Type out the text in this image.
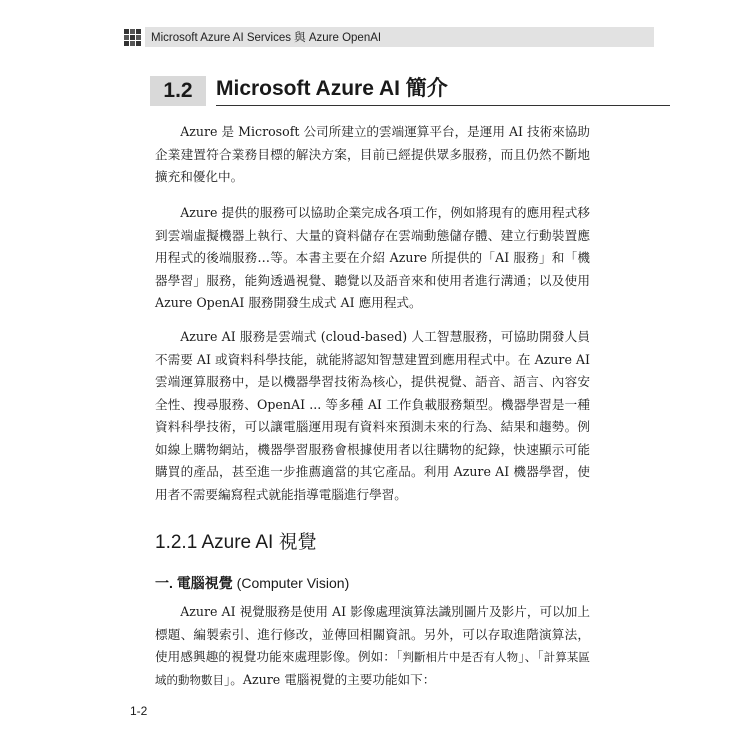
Microsoft Azure AI Services 與 Azure OpenAI
1.2	Microsoft Azure AI 簡介

Azure 是 Microsoft 公司所建立的雲端運算平台，是運用 AI 技術來協助企業建置符合業務目標的解決方案，目前已經提供眾多服務，而且仍然不斷地擴充和優化中。

Azure 提供的服務可以協助企業完成各項工作，例如將現有的應用程式移到雲端虛擬機器上執行、大量的資料儲存在雲端動態儲存體、建立行動裝置應用程式的後端服務…等。本書主要在介紹 Azure 所提供的「AI 服務」和「機器學習」服務，能夠透過視覺、聽覺以及語音來和使用者進行溝通；以及使用 Azure OpenAI 服務開發生成式 AI 應用程式。

Azure AI 服務是雲端式 (cloud-based) 人工智慧服務，可協助開發人員不需要 AI 或資料科學技能，就能將認知智慧建置到應用程式中。在 Azure AI 雲端運算服務中，是以機器學習技術為核心，提供視覺、語音、語言、內容安全性、搜尋服務、OpenAI ... 等多種 AI 工作負載服務類型。機器學習是一種資料科學技術，可以讓電腦運用現有資料來預測未來的行為、結果和趨勢。例如線上購物網站，機器學習服務會根據使用者以往購物的紀錄，快速顯示可能購買的產品，甚至進一步推薦適當的其它產品。利用 Azure AI 機器學習，使用者不需要編寫程式就能指導電腦進行學習。

1.2.1 Azure AI 視覺
一. 電腦視覺 (Computer Vision)

Azure AI 視覺服務是使用 AI 影像處理演算法識別圖片及影片，可以加上標題、編製索引、進行修改，並傳回相關資訊。另外，可以存取進階演算法，使用感興趣的視覺功能來處理影像。例如：「判斷相片中是否有人物」、「計算某區域的動物數目」。Azure 電腦視覺的主要功能如下：

1-2
